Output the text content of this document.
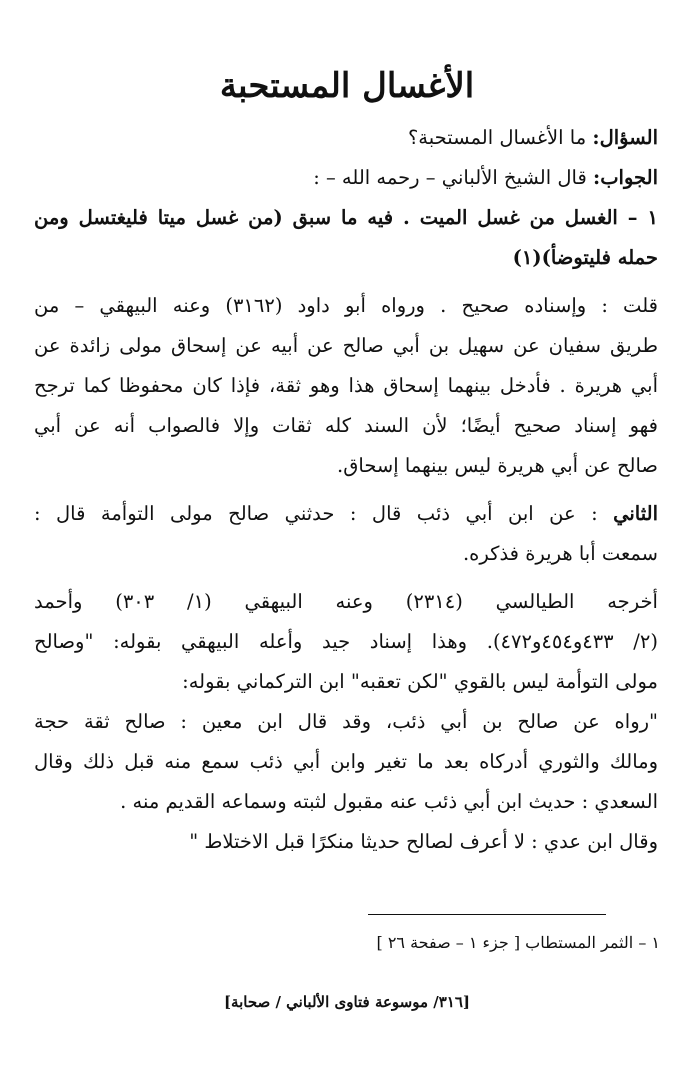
الأغسال المستحبة
السؤال: ما الأغسال المستحبة؟
الجواب: قال الشيخ الألباني – رحمه الله – :
١ – الغسل من غسل الميت . فيه ما سبق (من غسل ميتا فليغتسل ومن
حمله فليتوضأ)(١)
قلت : وإسناده صحيح . ورواه أبو داود (٣١٦٢) وعنه البيهقي – من
طريق سفيان عن سهيل بن أبي صالح عن أبيه عن إسحاق مولى زائدة عن
أبي هريرة . فأدخل بينهما إسحاق هذا وهو ثقة، فإذا كان محفوظا كما ترجح
فهو إسناد صحيح أيضًا؛ لأن السند كله ثقات وإلا فالصواب أنه عن أبي
صالح عن أبي هريرة ليس بينهما إسحاق.
الثاني : عن ابن أبي ذئب قال : حدثني صالح مولى التوأمة قال :
سمعت أبا هريرة فذكره.
أخرجه الطيالسي (٢٣١٤) وعنه البيهقي (١/ ٣٠٣) وأحمد
(٢/ ٤٣٣و٤٥٤و٤٧٢). وهذا إسناد جيد وأعله البيهقي بقوله: "وصالح
مولى التوأمة ليس بالقوي "لكن تعقبه" ابن التركماني بقوله:
"رواه عن صالح بن أبي ذئب، وقد قال ابن معين : صالح ثقة حجة
ومالك والثوري أدركاه بعد ما تغير وابن أبي ذئب سمع منه قبل ذلك وقال
السعدي : حديث ابن أبي ذئب عنه مقبول لثبته وسماعه القديم منه .
وقال ابن عدي : لا أعرف لصالح حديثا منكرًا قبل الاختلاط "
١ – الثمر المستطاب [ جزء ١ – صفحة ٢٦ ]
[٣١٦/ موسوعة فتاوى الألباني / صحابة]
